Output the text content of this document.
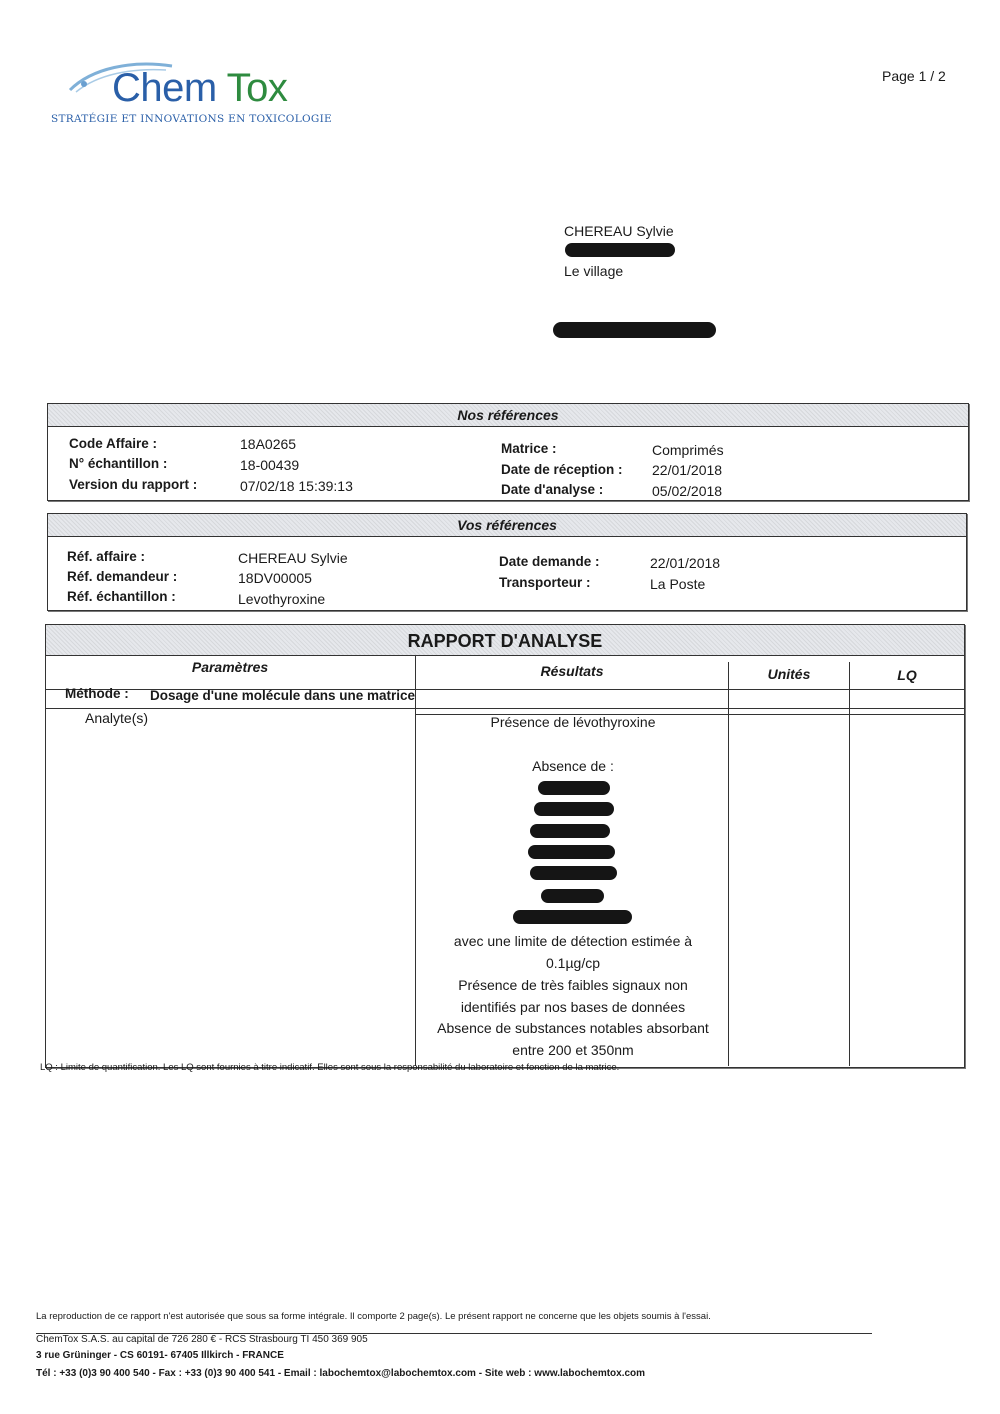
Chem Tox
STRATÉGIE ET INNOVATIONS EN TOXICOLOGIE
Page 1 / 2
CHEREAU Sylvie
Le village
Nos références
Code Affaire :	18A0265
N° échantillon :	18-00439
Version du rapport :	07/02/18 15:39:13
Matrice :	Comprimés
Date de réception : 22/01/2018
Date d'analyse :	05/02/2018
Vos références
Réf. affaire :	CHEREAU Sylvie
Réf. demandeur :	18DV00005
Réf. échantillon :	Levothyroxine
Date demande :	22/01/2018
Transporteur :	La Poste
RAPPORT D'ANALYSE
Paramètres	Résultats	Unités	LQ
Méthode : Dosage d'une molécule dans une matrice
Analyte(s)	Présence de lévothyroxine
Absence de :
avec une limite de détection estimée à
0.1µg/cp
Présence de très faibles signaux non
identifiés par nos bases de données
Absence de substances notables absorbant
entre 200 et 350nm
LQ : Limite de quantification. Les LQ sont fournies à titre indicatif. Elles sont sous la responsabilité du laboratoire et fonction de la matrice.
La reproduction de ce rapport n'est autorisée que sous sa forme intégrale. Il comporte 2 page(s). Le présent rapport ne concerne que les objets soumis à l'essai.
ChemTox S.A.S. au capital de 726 280 € - RCS Strasbourg TI 450 369 905
3 rue Grüninger - CS 60191- 67405 Illkirch - FRANCE
Tél : +33 (0)3 90 400 540 - Fax : +33 (0)3 90 400 541 - Email : labochemtox@labochemtox.com - Site web : www.labochemtox.com
